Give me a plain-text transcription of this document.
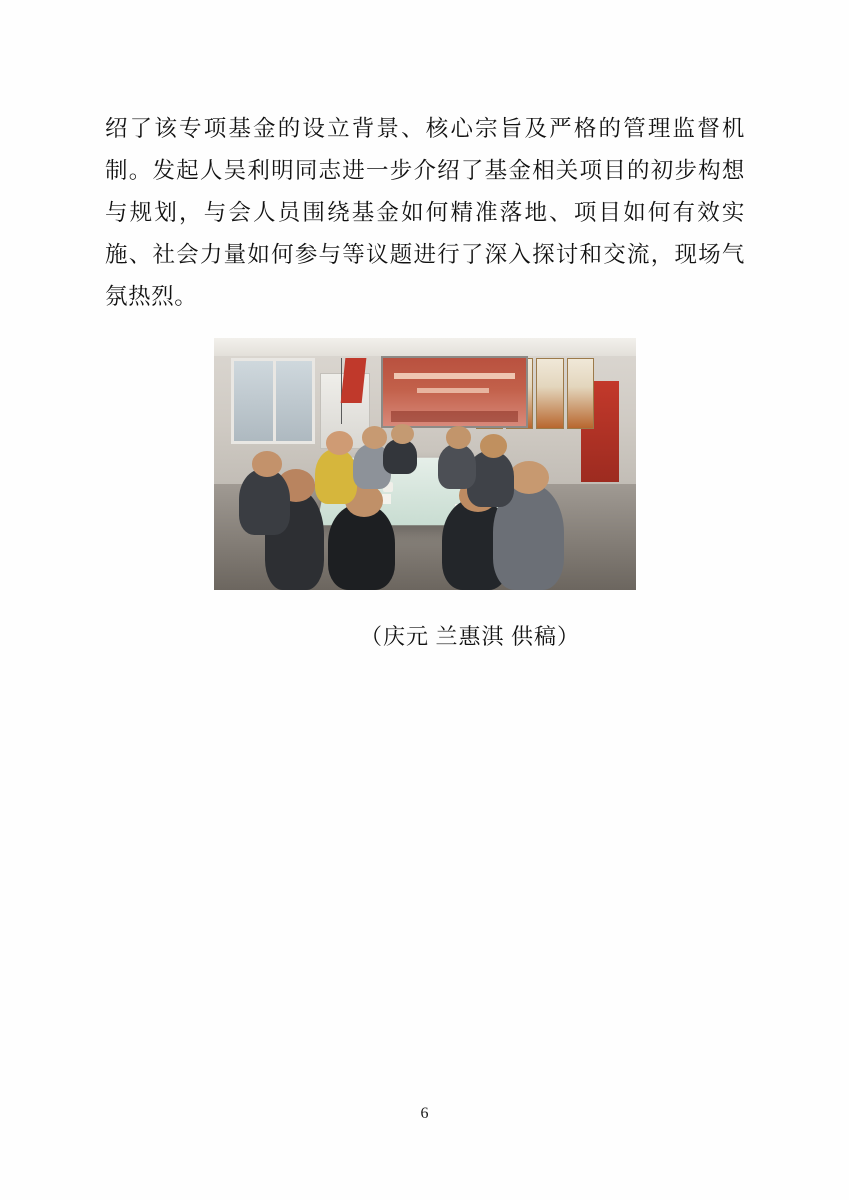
绍了该专项基金的设立背景、核心宗旨及严格的管理监督机制。发起人吴利明同志进一步介绍了基金相关项目的初步构想与规划，与会人员围绕基金如何精准落地、项目如何有效实施、社会力量如何参与等议题进行了深入探讨和交流，现场气氛热烈。

（庆元 兰惠淇 供稿）
6
